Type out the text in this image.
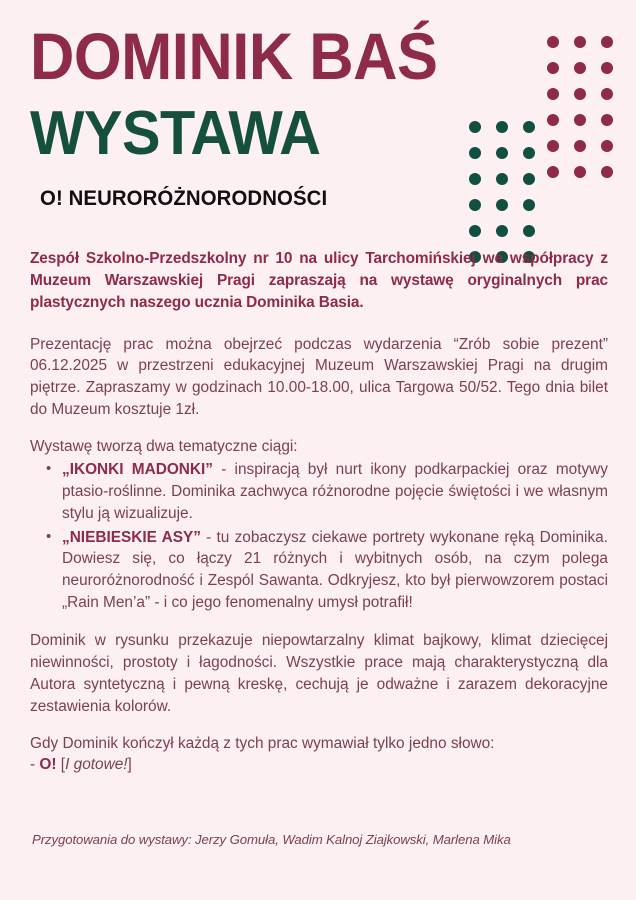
DOMINIK BAŚ
WYSTAWA
O! NEURORÓŻNORODNOŚCI

Zespół Szkolno-Przedszkolny nr 10 na ulicy Tarchomińskiej we współpracy z Muzeum Warszawskiej Pragi zapraszają na wystawę oryginalnych prac plastycznych naszego ucznia Dominika Basia.

Prezentację prac można obejrzeć podczas wydarzenia “Zrób sobie prezent” 06.12.2025 w przestrzeni edukacyjnej Muzeum Warszawskiej Pragi na drugim piętrze. Zapraszamy w godzinach 10.00-18.00, ulica Targowa 50/52. Tego dnia bilet do Muzeum kosztuje 1zł.

Wystawę tworzą dwa tematyczne ciągi:

• „IKONKI MADONKI” - inspiracją był nurt ikony podkarpackiej oraz motywy ptasio-roślinne. Dominika zachwyca różnorodne pojęcie świętości i we własnym stylu ją wizualizuje.
• „NIEBIESKIE ASY” - tu zobaczysz ciekawe portrety wykonane ręką Dominika. Dowiesz się, co łączy 21 różnych i wybitnych osób, na czym polega neuroróżnorodność i Zespól Sawanta. Odkryjesz, kto był pierwowzorem postaci „Rain Men’a” - i co jego fenomenalny umysł potrafił!

Dominik w rysunku przekazuje niepowtarzalny klimat bajkowy, klimat dziecięcej niewinności, prostoty i łagodności. Wszystkie prace mają charakterystyczną dla Autora syntetyczną i pewną kreskę, cechują je odważne i zarazem dekoracyjne zestawienia kolorów.

Gdy Dominik kończył każdą z tych prac wymawiał tylko jedno słowo:
- O! [I gotowe!]

Przygotowania do wystawy: Jerzy Gomuła, Wadim Kalnoj Ziajkowski, Marlena Mika
